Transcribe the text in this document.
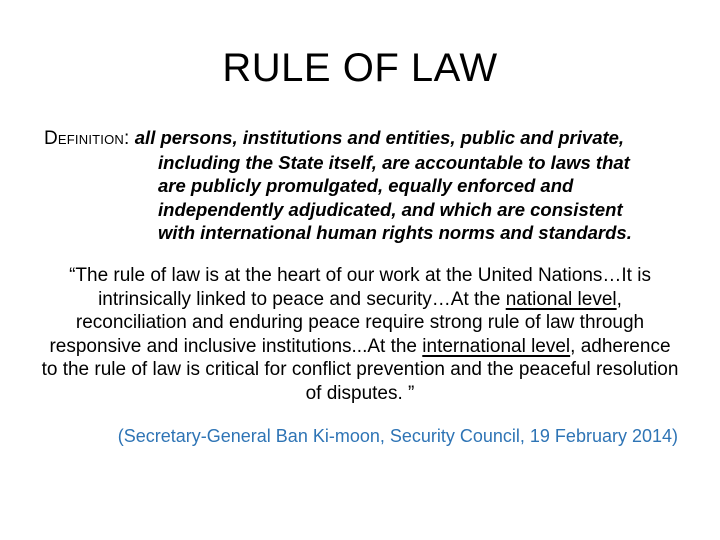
RULE OF LAW
Definition: all persons, institutions and entities, public and private,
including the State itself, are accountable to laws that
are publicly promulgated, equally enforced and
independently adjudicated, and which are consistent
with international human rights norms and standards.
“The rule of law is at the heart of our work at the United Nations…It is intrinsically linked to peace and security…At the national level, reconciliation and enduring peace require strong rule of law through responsive and inclusive institutions...At the international level, adherence to the rule of law is critical for conflict prevention and the peaceful resolution of disputes. ”
(Secretary-General Ban Ki-moon, Security Council, 19 February 2014)
